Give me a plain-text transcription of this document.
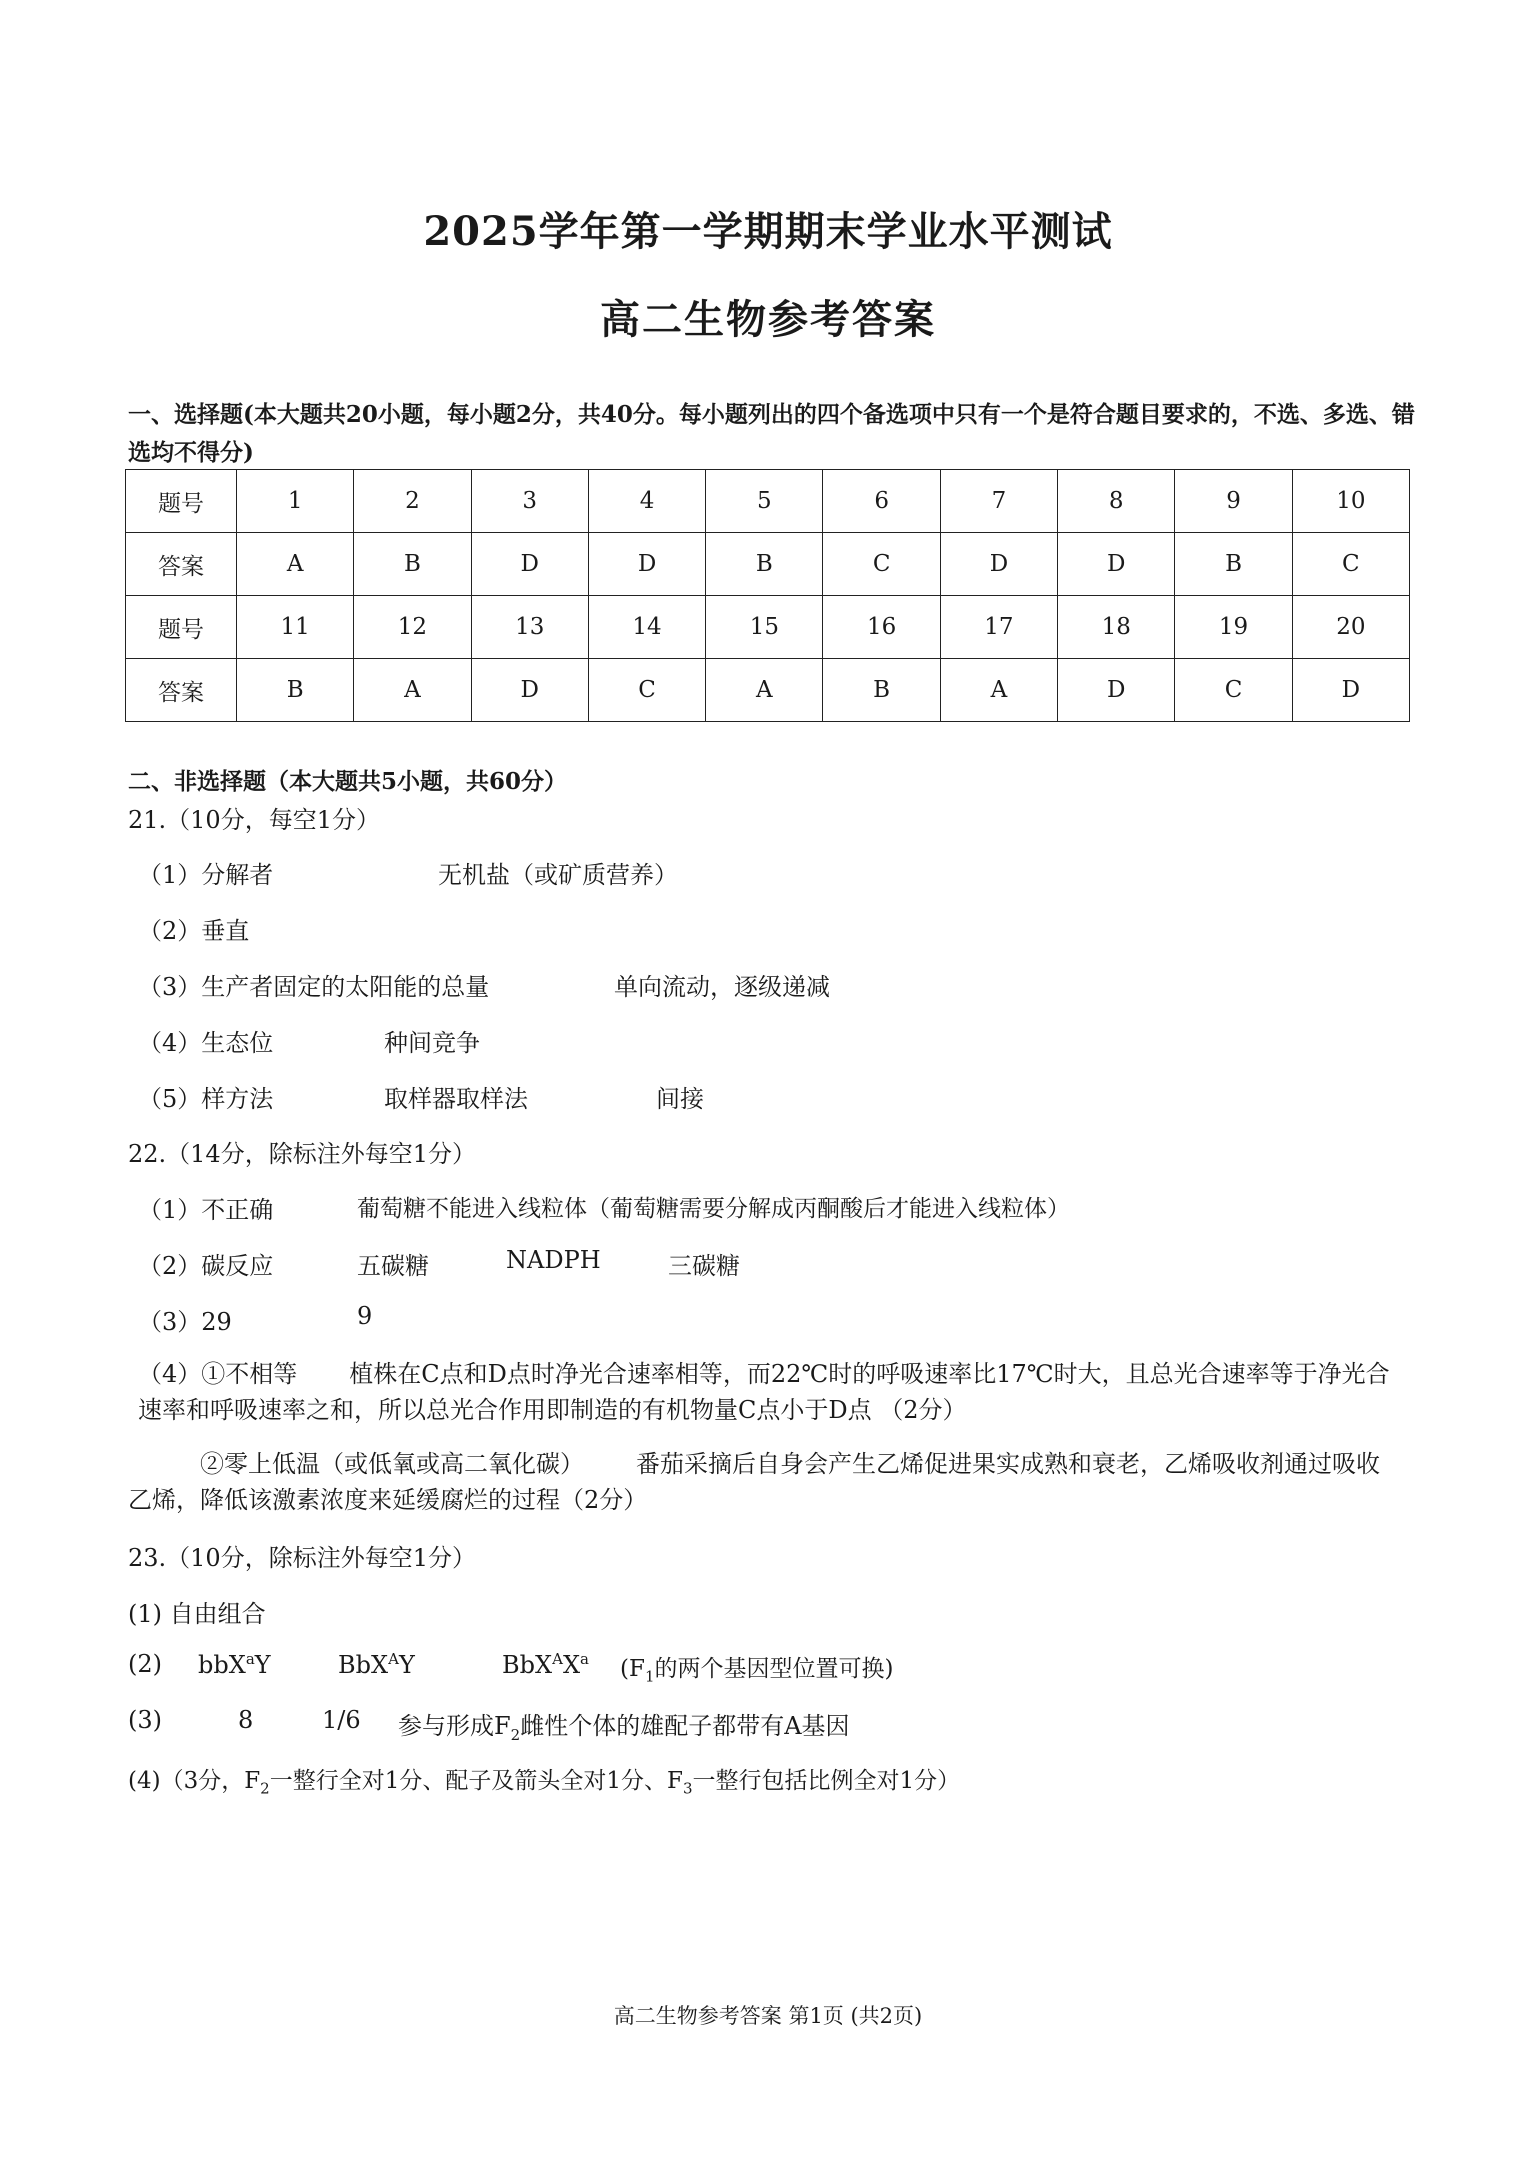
2025学年第一学期期末学业水平测试
高二生物参考答案
一、选择题(本大题共20小题，每小题2分，共40分。每小题列出的四个备选项中只有一个是符合题目要求的，不选、多选、错选均不得分)
题号	1	2	3	4	5	6	7	8	9	10
答案	A	B	D	D	B	C	D	D	B	C
题号	11	12	13	14	15	16	17	18	19	20
答案	B	A	D	C	A	B	A	D	C	D
二、非选择题（本大题共5小题，共60分）
21.（10分，每空1分）
（1）分解者	无机盐（或矿质营养）
（2）垂直
（3）生产者固定的太阳能的总量	单向流动，逐级递减
（4）生态位	种间竞争
（5）样方法	取样器取样法	间接
22.（14分，除标注外每空1分）
（1）不正确	葡萄糖不能进入线粒体（葡萄糖需要分解成丙酮酸后才能进入线粒体）
（2）碳反应	五碳糖	NADPH	三碳糖
（3）29	9
（4）①不相等 植株在C点和D点时净光合速率相等，而22℃时的呼吸速率比17℃时大，且总光合速率等于净光合速率和呼吸速率之和，所以总光合作用即制造的有机物量C点小于D点 （2分）
②零上低温（或低氧或高二氧化碳） 番茄采摘后自身会产生乙烯促进果实成熟和衰老，乙烯吸收剂通过吸收乙烯，降低该激素浓度来延缓腐烂的过程（2分）
23.（10分，除标注外每空1分）
(1) 自由组合
(2) bbX$^a$Y	BbX$^A$Y	$BbX^AX^a$ ($F_1$的两个基因型位置可换)
(3)	8	1/6 参与形成$F_2$雌性个体的雄配子都带有A基因
(4)（3分，$F_2$一整行全对1分、配子及箭头全对1分、$F_3$一整行包括比例全对1分）
高二生物参考答案 第1页 (共2页)
